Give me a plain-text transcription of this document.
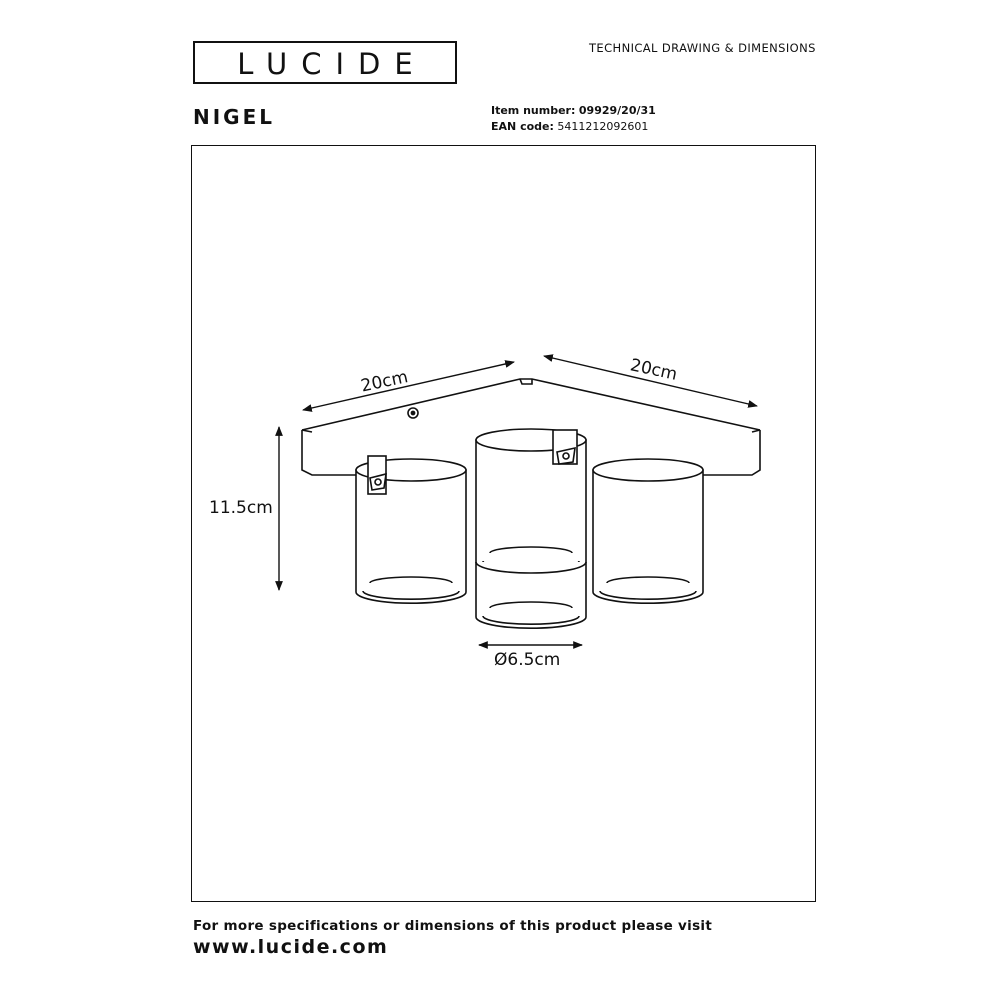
LUCIDE	TECHNICAL DRAWING & DIMENSIONS
NIGEL	Item number: 09929/20/31
EAN code: 5411212092601
20cm	20cm
11.5cm
Ø6.5cm
For more specifications or dimensions of this product please visit
www.lucide.com
